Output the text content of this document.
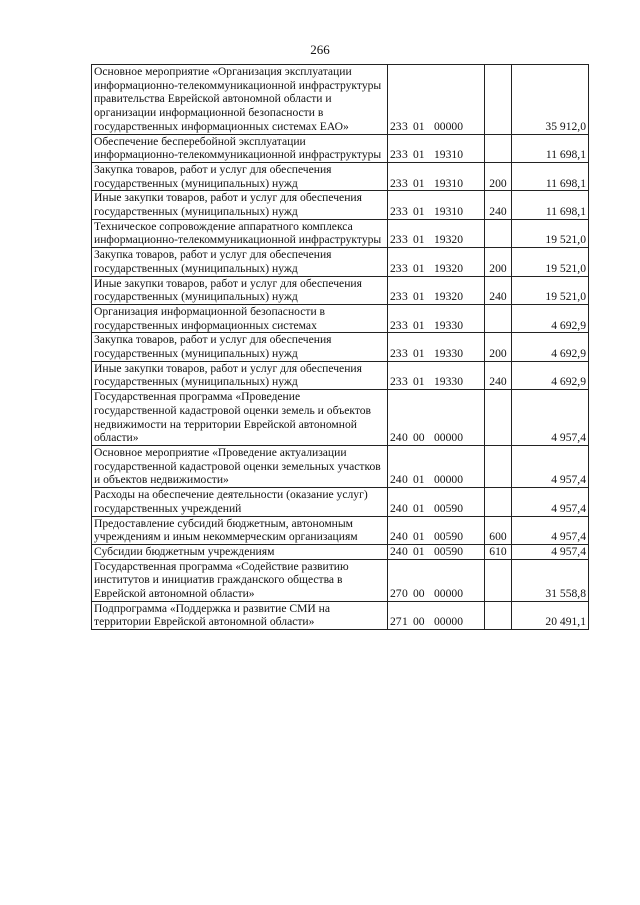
266
Основное мероприятие «Организация эксплуатации информационно-телекоммуникационной инфраструктуры правительства Еврейской автономной области и организации информационной безопасности в государственных информационных системах ЕАО»	233 01 00000		35 912,0
Обеспечение бесперебойной эксплуатации информационно-телекоммуникационной инфраструктуры	233 01 19310		11 698,1
Закупка товаров, работ и услуг для обеспечения государственных (муниципальных) нужд	233 01 19310	200	11 698,1
Иные закупки товаров, работ и услуг для обеспечения государственных (муниципальных) нужд	233 01 19310	240	11 698,1
Техническое сопровождение аппаратного комплекса информационно-телекоммуникационной инфраструктуры	233 01 19320		19 521,0
Закупка товаров, работ и услуг для обеспечения государственных (муниципальных) нужд	233 01 19320	200	19 521,0
Иные закупки товаров, работ и услуг для обеспечения государственных (муниципальных) нужд	233 01 19320	240	19 521,0
Организация информационной безопасности в государственных информационных системах	233 01 19330		4 692,9
Закупка товаров, работ и услуг для обеспечения государственных (муниципальных) нужд	233 01 19330	200	4 692,9
Иные закупки товаров, работ и услуг для обеспечения государственных (муниципальных) нужд	233 01 19330	240	4 692,9
Государственная программа «Проведение государственной кадастровой оценки земель и объектов недвижимости на территории Еврейской автономной области»	240 00 00000		4 957,4
Основное мероприятие «Проведение актуализации государственной кадастровой оценки земельных участков и объектов недвижимости»	240 01 00000		4 957,4
Расходы на обеспечение деятельности (оказание услуг) государственных учреждений	240 01 00590		4 957,4
Предоставление субсидий бюджетным, автономным учреждениям и иным некоммерческим организациям	240 01 00590	600	4 957,4
Субсидии бюджетным учреждениям	240 01 00590	610	4 957,4
Государственная программа «Содействие развитию институтов и инициатив гражданского общества в Еврейской автономной области»	270 00 00000		31 558,8
Подпрограмма «Поддержка и развитие СМИ на территории Еврейской автономной области»	271 00 00000		20 491,1
